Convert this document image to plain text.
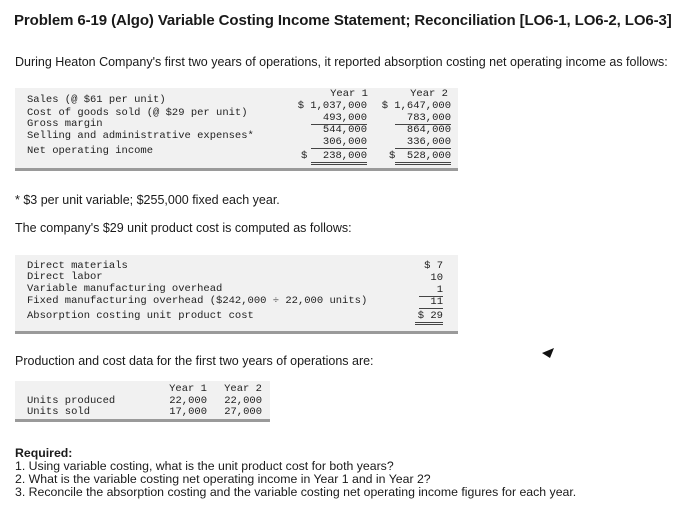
Problem 6-19 (Algo) Variable Costing Income Statement; Reconciliation [LO6-1, LO6-2, LO6-3]
During Heaton Company's first two years of operations, it reported absorption costing net operating income as follows:
Year 1	Year 2
Sales (@ $61 per unit)	$ 1,037,000 $ 1,647,000
Cost of goods sold (@ $29 per unit)	493,000	783,000
Gross margin	544,000	864,000
Selling and administrative expenses*	306,000	336,000
Net operating income	$	238,000 $	528,000
* $3 per unit variable; $255,000 fixed each year.
The company's $29 unit product cost is computed as follows:
Direct materials	$ 7
Direct labor	10
Variable manufacturing overhead	1
Fixed manufacturing overhead ($242,000 ÷ 22,000 units)	11
Absorption costing unit product cost	$ 29
Production and cost data for the first two years of operations are:
Year 1 Year 2
Units produced	22,000	22,000
Units sold	17,000	27,000
Required:
1. Using variable costing, what is the unit product cost for both years?
2. What is the variable costing net operating income in Year 1 and in Year 2?
3. Reconcile the absorption costing and the variable costing net operating income figures for each year.
